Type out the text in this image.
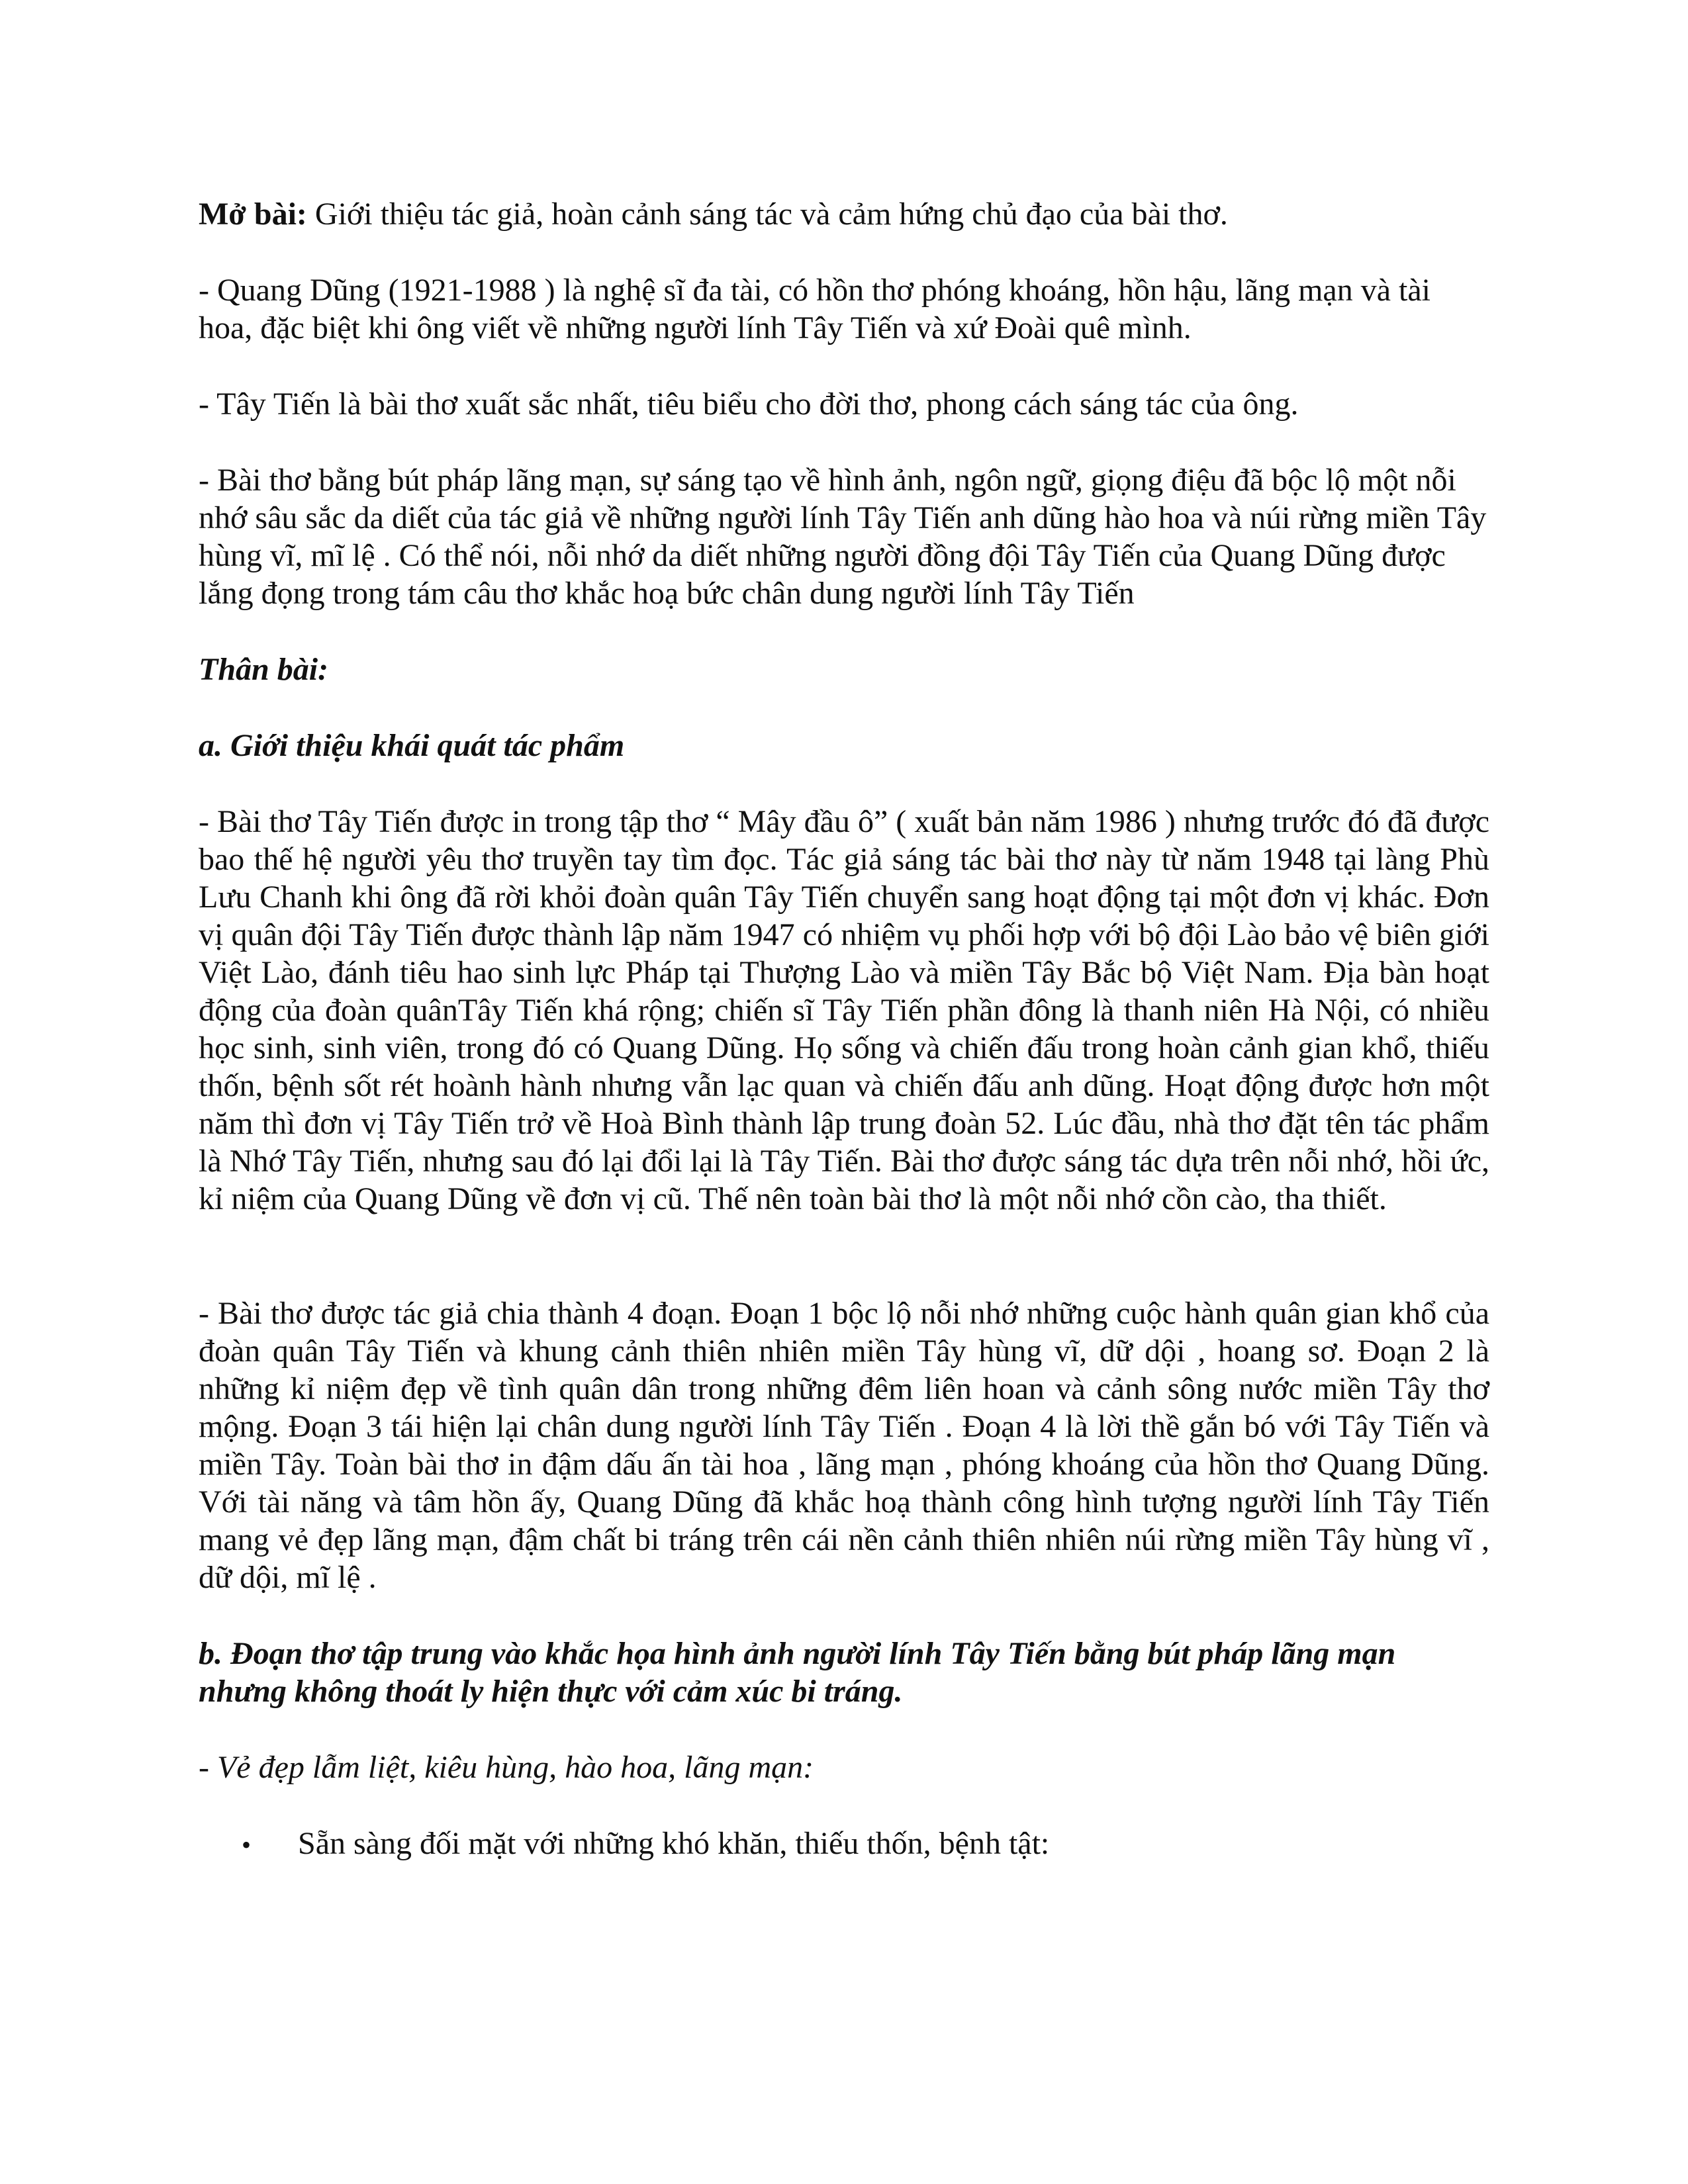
Mở bài: Giới thiệu tác giả, hoàn cảnh sáng tác và cảm hứng chủ đạo của bài thơ.

- Quang Dũng (1921-1988 ) là nghệ sĩ đa tài, có hồn thơ phóng khoáng, hồn hậu, lãng mạn và tài hoa, đặc biệt khi ông viết về những người lính Tây Tiến và xứ Đoài quê mình.

- Tây Tiến là bài thơ xuất sắc nhất, tiêu biểu cho đời thơ, phong cách sáng tác của ông.

- Bài thơ bằng bút pháp lãng mạn, sự sáng tạo về hình ảnh, ngôn ngữ, giọng điệu đã bộc lộ một nỗi nhớ sâu sắc da diết của tác giả về những người lính Tây Tiến anh dũng hào hoa và núi rừng miền Tây hùng vĩ, mĩ lệ . Có thể nói, nỗi nhớ da diết những người đồng đội Tây Tiến của Quang Dũng được lắng đọng trong tám câu thơ khắc hoạ bức chân dung người lính Tây Tiến

Thân bài:

a. Giới thiệu khái quát tác phẩm

- Bài thơ Tây Tiến được in trong tập thơ “ Mây đầu ô” ( xuất bản năm 1986 ) nhưng trước đó đã được bao thế hệ người yêu thơ truyền tay tìm đọc. Tác giả sáng tác bài thơ này từ năm 1948 tại làng Phù Lưu Chanh khi ông đã rời khỏi đoàn quân Tây Tiến chuyển sang hoạt động tại một đơn vị khác. Đơn vị quân đội Tây Tiến được thành lập năm 1947 có nhiệm vụ phối hợp với bộ đội Lào bảo vệ biên giới Việt Lào, đánh tiêu hao sinh lực Pháp tại Thượng Lào và miền Tây Bắc bộ Việt Nam. Địa bàn hoạt động của đoàn quânTây Tiến khá rộng; chiến sĩ Tây Tiến phần đông là thanh niên Hà Nội, có nhiều học sinh, sinh viên, trong đó có Quang Dũng. Họ sống và chiến đấu trong hoàn cảnh gian khổ, thiếu thốn, bệnh sốt rét hoành hành nhưng vẫn lạc quan và chiến đấu anh dũng. Hoạt động được hơn một năm thì đơn vị Tây Tiến trở về Hoà Bình thành lập trung đoàn 52. Lúc đầu, nhà thơ đặt tên tác phẩm là Nhớ Tây Tiến, nhưng sau đó lại đổi lại là Tây Tiến. Bài thơ được sáng tác dựa trên nỗi nhớ, hồi ức, kỉ niệm của Quang Dũng về đơn vị cũ. Thế nên toàn bài thơ là một nỗi nhớ cồn cào, tha thiết.

- Bài thơ được tác giả chia thành 4 đoạn. Đoạn 1 bộc lộ nỗi nhớ những cuộc hành quân gian khổ của đoàn quân Tây Tiến và khung cảnh thiên nhiên miền Tây hùng vĩ, dữ dội , hoang sơ. Đoạn 2 là những kỉ niệm đẹp về tình quân dân trong những đêm liên hoan và cảnh sông nước miền Tây thơ mộng. Đoạn 3 tái hiện lại chân dung người lính Tây Tiến . Đoạn 4 là lời thề gắn bó với Tây Tiến và miền Tây. Toàn bài thơ in đậm dấu ấn tài hoa , lãng mạn , phóng khoáng của hồn thơ Quang Dũng. Với tài năng và tâm hồn ấy, Quang Dũng đã khắc hoạ thành công hình tượng người lính Tây Tiến mang vẻ đẹp lãng mạn, đậm chất bi tráng trên cái nền cảnh thiên nhiên núi rừng miền Tây hùng vĩ , dữ dội, mĩ lệ .

b. Đoạn thơ tập trung vào khắc họa hình ảnh người lính Tây Tiến bằng bút pháp lãng mạn nhưng không thoát ly hiện thực với cảm xúc bi tráng.

- Vẻ đẹp lẫm liệt, kiêu hùng, hào hoa, lãng mạn:

•	Sẵn sàng đối mặt với những khó khăn, thiếu thốn, bệnh tật:
